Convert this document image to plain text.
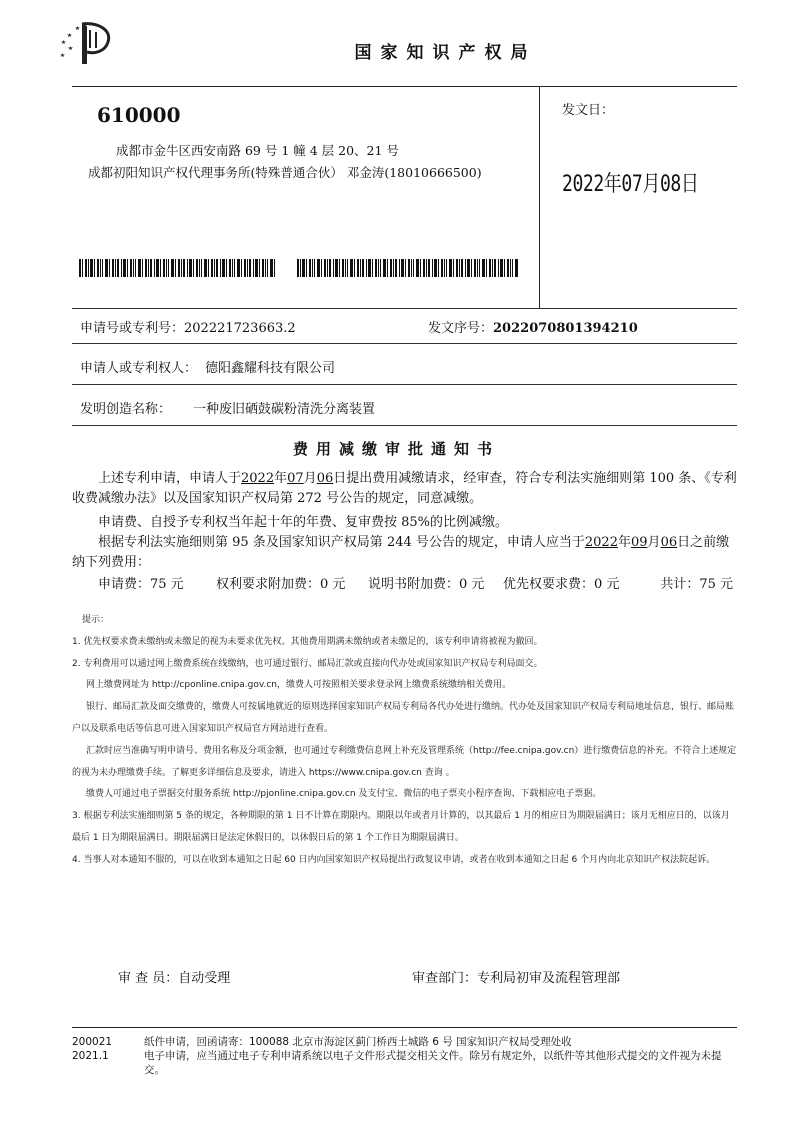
国家知识产权局
610000
成都市金牛区西安南路 69 号 1 幢 4 层 20、21 号
成都初阳知识产权代理事务所(特殊普通合伙） 邓金涛(18010666500)
发文日：
2022年07月08日
申请号或专利号：202221723663.2	发文序号：2022070801394210
申请人或专利权人： 德阳鑫耀科技有限公司
发明创造名称： 一种废旧硒鼓碳粉清洗分离装置
费用减缴审批通知书
上述专利申请，申请人于2022年07月06日提出费用减缴请求，经审查，符合专利法实施细则第 100 条、《专利收费减缴办法》以及国家知识产权局第 272 号公告的规定，同意减缴。
申请费、自授予专利权当年起十年的年费、复审费按 85%的比例减缴。
根据专利法实施细则第 95 条及国家知识产权局第 244 号公告的规定，申请人应当于2022年09月06日之前缴纳下列费用：
申请费：75 元 权利要求附加费：0 元 说明书附加费：0 元 优先权要求费：0 元	共计：75 元
提示：
1. 优先权要求费未缴纳或未缴足的视为未要求优先权。其他费用期满未缴纳或者未缴足的，该专利申请将被视为撤回。
2. 专利费用可以通过网上缴费系统在线缴纳，也可通过银行、邮局汇款或直接向代办处或国家知识产权局专利局面交。
网上缴费网址为 http://cponline.cnipa.gov.cn，缴费人可按照相关要求登录网上缴费系统缴纳相关费用。
银行、邮局汇款及面交缴费的，缴费人可按属地就近的原则选择国家知识产权局专利局各代办处进行缴纳。代办处及国家知识产权局专利局地址信息，银行、邮局账户以及联系电话等信息可进入国家知识产权局官方网站进行查看。
汇款时应当准确写明申请号、费用名称及分项金额，也可通过专利缴费信息网上补充及管理系统（http://fee.cnipa.gov.cn）进行缴费信息的补充。不符合上述规定的视为未办理缴费手续。了解更多详细信息及要求，请进入 https://www.cnipa.gov.cn 查询 。
缴费人可通过电子票据交付服务系统 http://pjonline.cnipa.gov.cn 及支付宝、微信的电子票夹小程序查询、下载相应电子票据。
3. 根据专利法实施细则第 5 条的规定，各种期限的第 1 日不计算在期限内。期限以年或者月计算的，以其最后 1 月的相应日为期限届满日；该月无相应日的，以该月最后 1 日为期限届满日。期限届满日是法定休假日的，以休假日后的第 1 个工作日为期限届满日。
4. 当事人对本通知不服的，可以在收到本通知之日起 60 日内向国家知识产权局提出行政复议申请，或者在收到本通知之日起 6 个月内向北京知识产权法院起诉。
审 查 员：自动受理	审查部门：专利局初审及流程管理部
200021	纸件申请，回函请寄：100088 北京市海淀区蓟门桥西土城路 6 号 国家知识产权局受理处收
2021.1	电子申请，应当通过电子专利申请系统以电子文件形式提交相关文件。除另有规定外，以纸件等其他形式提交的文件视为未提交。
